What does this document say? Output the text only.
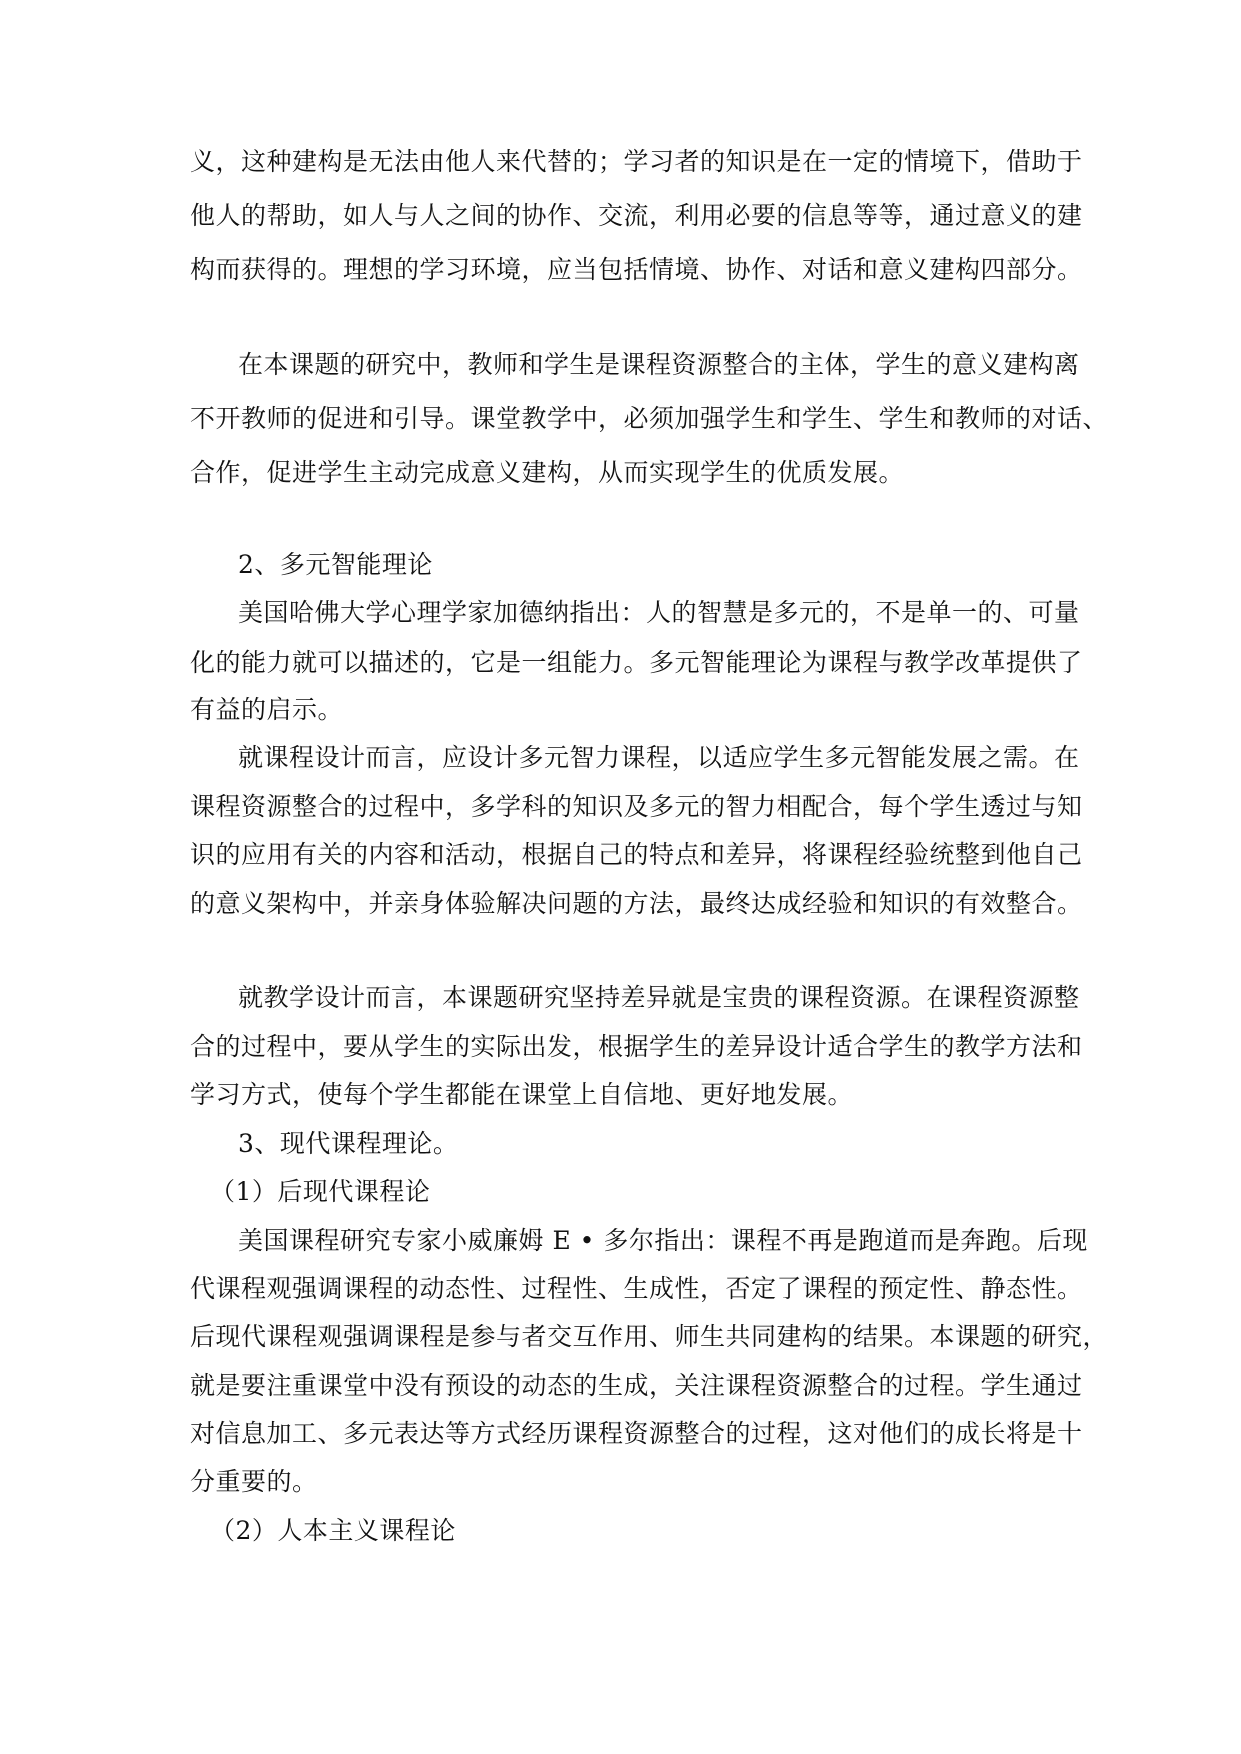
义，这种建构是无法由他人来代替的；学习者的知识是在一定的情境下，借助于
他人的帮助，如人与人之间的协作、交流，利用必要的信息等等，通过意义的建
构而获得的。理想的学习环境，应当包括情境、协作、对话和意义建构四部分。
在本课题的研究中，教师和学生是课程资源整合的主体，学生的意义建构离
不开教师的促进和引导。课堂教学中，必须加强学生和学生、学生和教师的对话、
合作，促进学生主动完成意义建构，从而实现学生的优质发展。
2、多元智能理论
美国哈佛大学心理学家加德纳指出：人的智慧是多元的，不是单一的、可量
化的能力就可以描述的，它是一组能力。多元智能理论为课程与教学改革提供了
有益的启示。
就课程设计而言，应设计多元智力课程，以适应学生多元智能发展之需。在
课程资源整合的过程中，多学科的知识及多元的智力相配合，每个学生透过与知
识的应用有关的内容和活动，根据自己的特点和差异，将课程经验统整到他自己
的意义架构中，并亲身体验解决问题的方法，最终达成经验和知识的有效整合。
就教学设计而言，本课题研究坚持差异就是宝贵的课程资源。在课程资源整
合的过程中，要从学生的实际出发，根据学生的差异设计适合学生的教学方法和
学习方式，使每个学生都能在课堂上自信地、更好地发展。
3、现代课程理论。
（1）后现代课程论
美国课程研究专家小威廉姆 E • 多尔指出：课程不再是跑道而是奔跑。后现
代课程观强调课程的动态性、过程性、生成性，否定了课程的预定性、静态性。
后现代课程观强调课程是参与者交互作用、师生共同建构的结果。本课题的研究，
就是要注重课堂中没有预设的动态的生成，关注课程资源整合的过程。学生通过
对信息加工、多元表达等方式经历课程资源整合的过程，这对他们的成长将是十
分重要的。
（2）人本主义课程论
